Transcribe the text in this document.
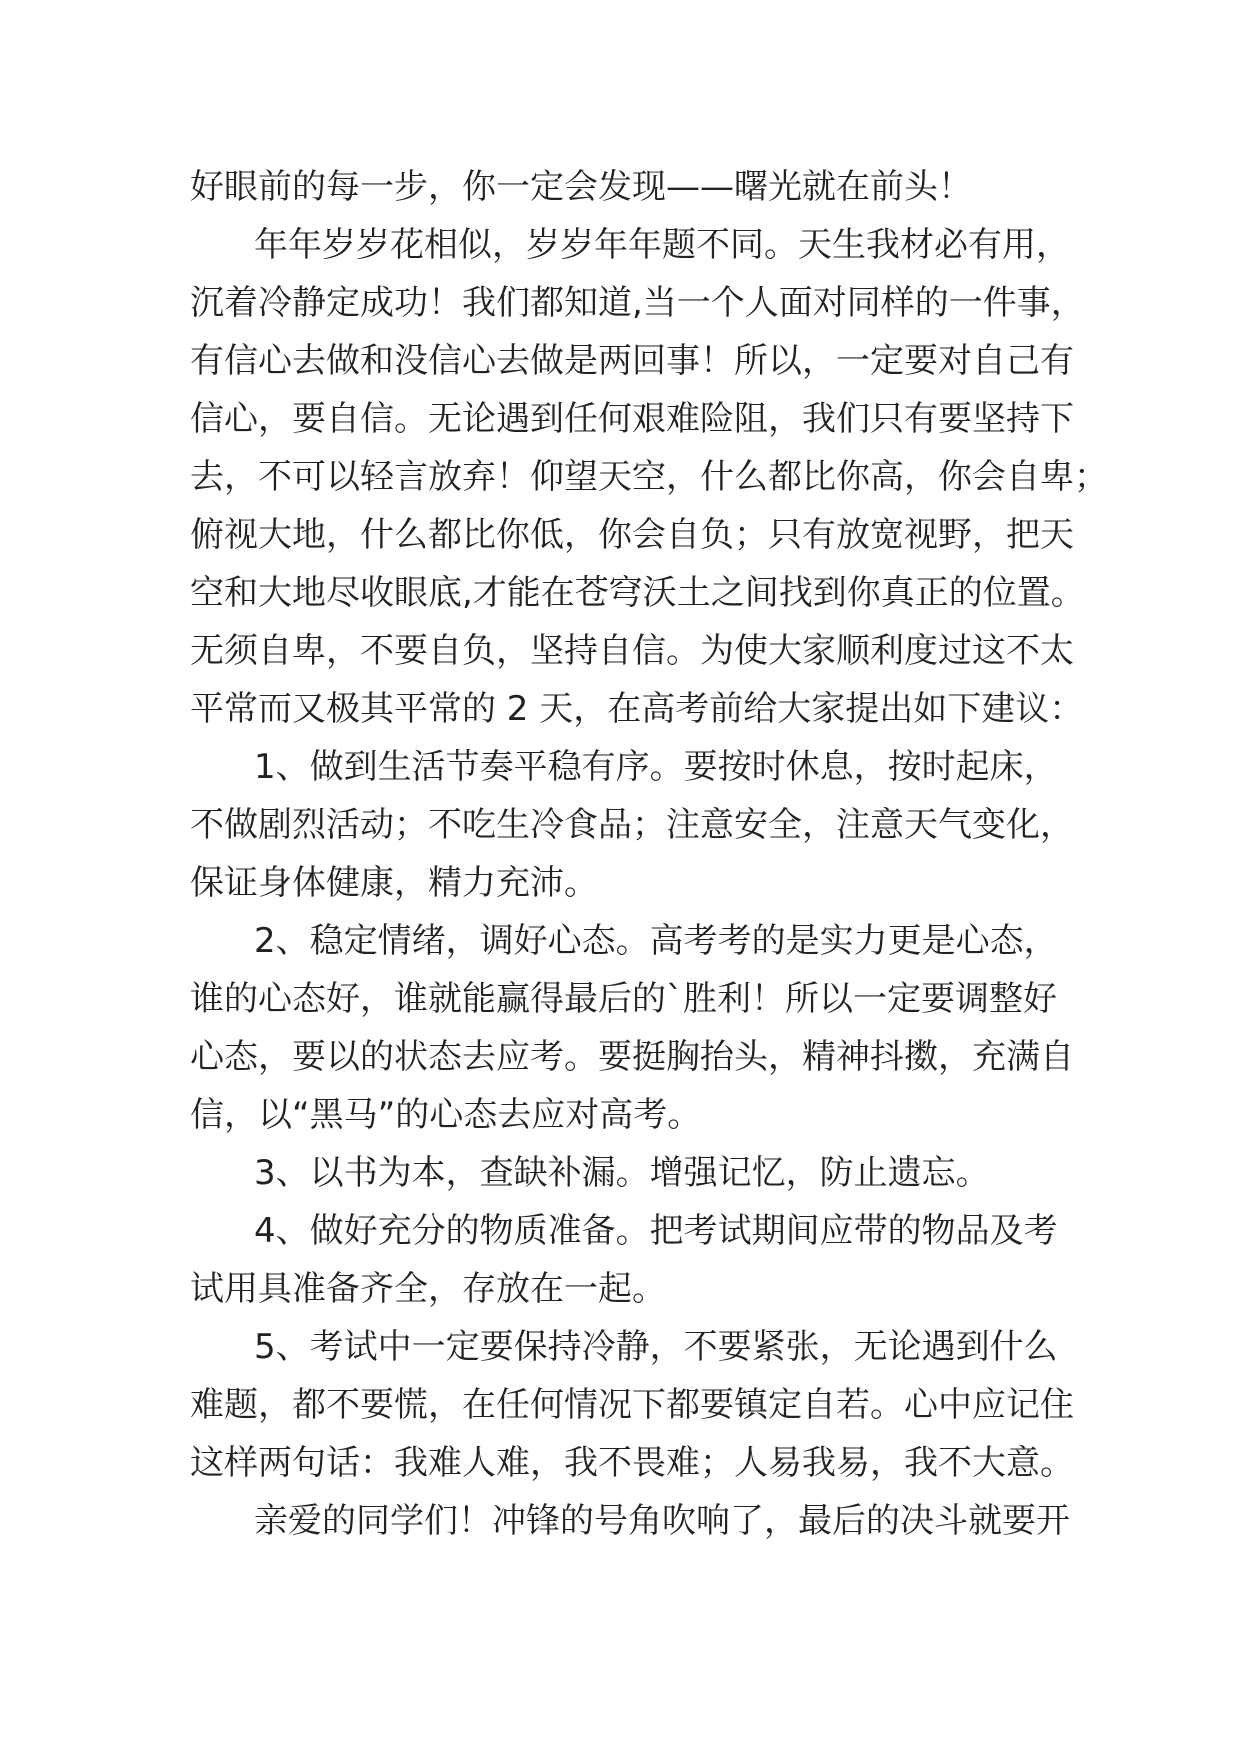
好眼前的每一步，你一定会发现——曙光就在前头！
年年岁岁花相似，岁岁年年题不同。天生我材必有用，
沉着冷静定成功！我们都知道,当一个人面对同样的一件事，
有信心去做和没信心去做是两回事！所以，一定要对自己有
信心，要自信。无论遇到任何艰难险阻，我们只有要坚持下
去，不可以轻言放弃！仰望天空，什么都比你高，你会自卑；
俯视大地，什么都比你低，你会自负；只有放宽视野，把天
空和大地尽收眼底,才能在苍穹沃土之间找到你真正的位置。
无须自卑，不要自负，坚持自信。为使大家顺利度过这不太
平常而又极其平常的 2 天，在高考前给大家提出如下建议：
1、做到生活节奏平稳有序。要按时休息，按时起床，
不做剧烈活动；不吃生冷食品；注意安全，注意天气变化，
保证身体健康，精力充沛。
2、稳定情绪，调好心态。高考考的是实力更是心态，
谁的心态好，谁就能赢得最后的`胜利！所以一定要调整好
心态，要以的状态去应考。要挺胸抬头，精神抖擞，充满自
信，以“黑马”的心态去应对高考。
3、以书为本，查缺补漏。增强记忆，防止遗忘。
4、做好充分的物质准备。把考试期间应带的物品及考
试用具准备齐全，存放在一起。
5、考试中一定要保持冷静，不要紧张，无论遇到什么
难题，都不要慌，在任何情况下都要镇定自若。心中应记住
这样两句话：我难人难，我不畏难；人易我易，我不大意。
亲爱的同学们！冲锋的号角吹响了，最后的决斗就要开
